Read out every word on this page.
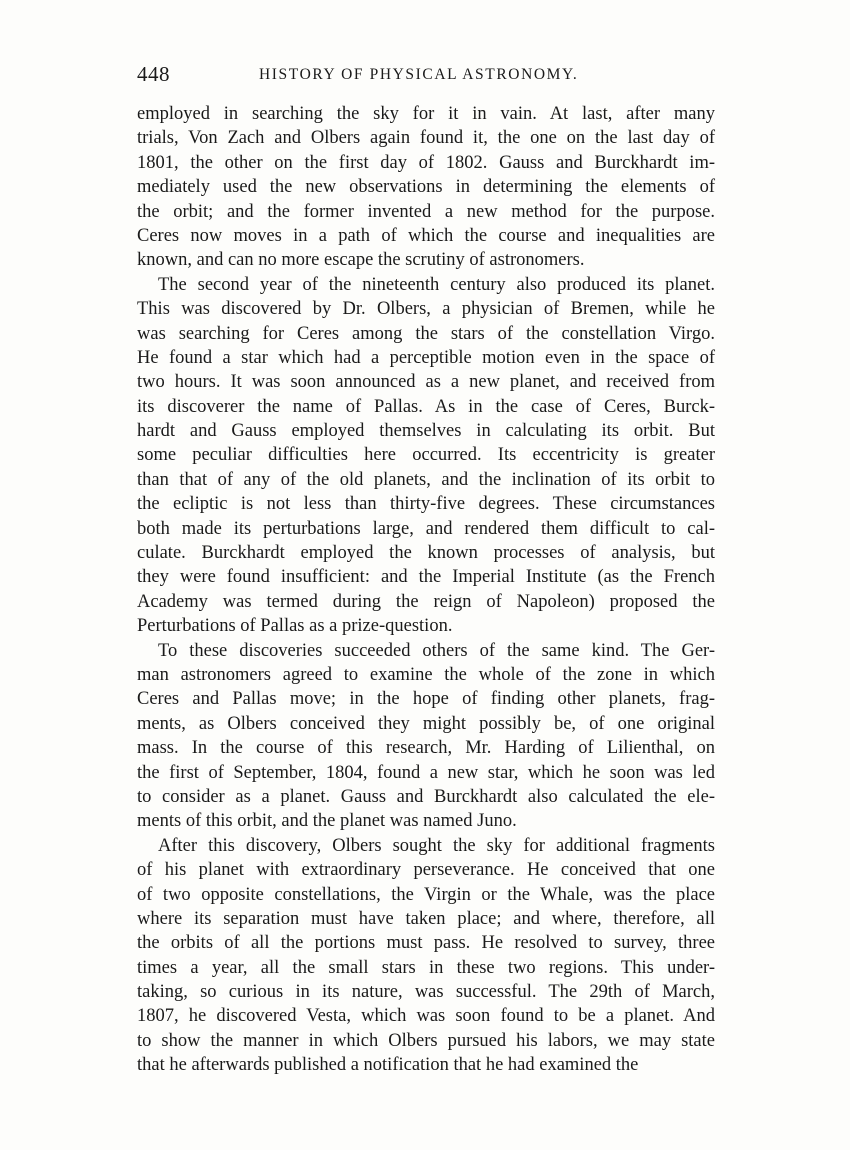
448	HISTORY OF PHYSICAL ASTRONOMY.
employed in searching the sky for it in vain. At last, after many
trials, Von Zach and Olbers again found it, the one on the last day of
1801, the other on the first day of 1802. Gauss and Burckhardt im-
mediately used the new observations in determining the elements of
the orbit; and the former invented a new method for the purpose.
Ceres now moves in a path of which the course and inequalities are
known, and can no more escape the scrutiny of astronomers.
The second year of the nineteenth century also produced its planet.
This was discovered by Dr. Olbers, a physician of Bremen, while he
was searching for Ceres among the stars of the constellation Virgo.
He found a star which had a perceptible motion even in the space of
two hours. It was soon announced as a new planet, and received from
its discoverer the name of Pallas. As in the case of Ceres, Burck-
hardt and Gauss employed themselves in calculating its orbit. But
some peculiar difficulties here occurred. Its eccentricity is greater
than that of any of the old planets, and the inclination of its orbit to
the ecliptic is not less than thirty-five degrees. These circumstances
both made its perturbations large, and rendered them difficult to cal-
culate. Burckhardt employed the known processes of analysis, but
they were found insufficient: and the Imperial Institute (as the French
Academy was termed during the reign of Napoleon) proposed the
Perturbations of Pallas as a prize-question.
To these discoveries succeeded others of the same kind. The Ger-
man astronomers agreed to examine the whole of the zone in which
Ceres and Pallas move; in the hope of finding other planets, frag-
ments, as Olbers conceived they might possibly be, of one original
mass. In the course of this research, Mr. Harding of Lilienthal, on
the first of September, 1804, found a new star, which he soon was led
to consider as a planet. Gauss and Burckhardt also calculated the ele-
ments of this orbit, and the planet was named Juno.
After this discovery, Olbers sought the sky for additional fragments
of his planet with extraordinary perseverance. He conceived that one
of two opposite constellations, the Virgin or the Whale, was the place
where its separation must have taken place; and where, therefore, all
the orbits of all the portions must pass. He resolved to survey, three
times a year, all the small stars in these two regions. This under-
taking, so curious in its nature, was successful. The 29th of March,
1807, he discovered Vesta, which was soon found to be a planet. And
to show the manner in which Olbers pursued his labors, we may state
that he afterwards published a notification that he had examined the
